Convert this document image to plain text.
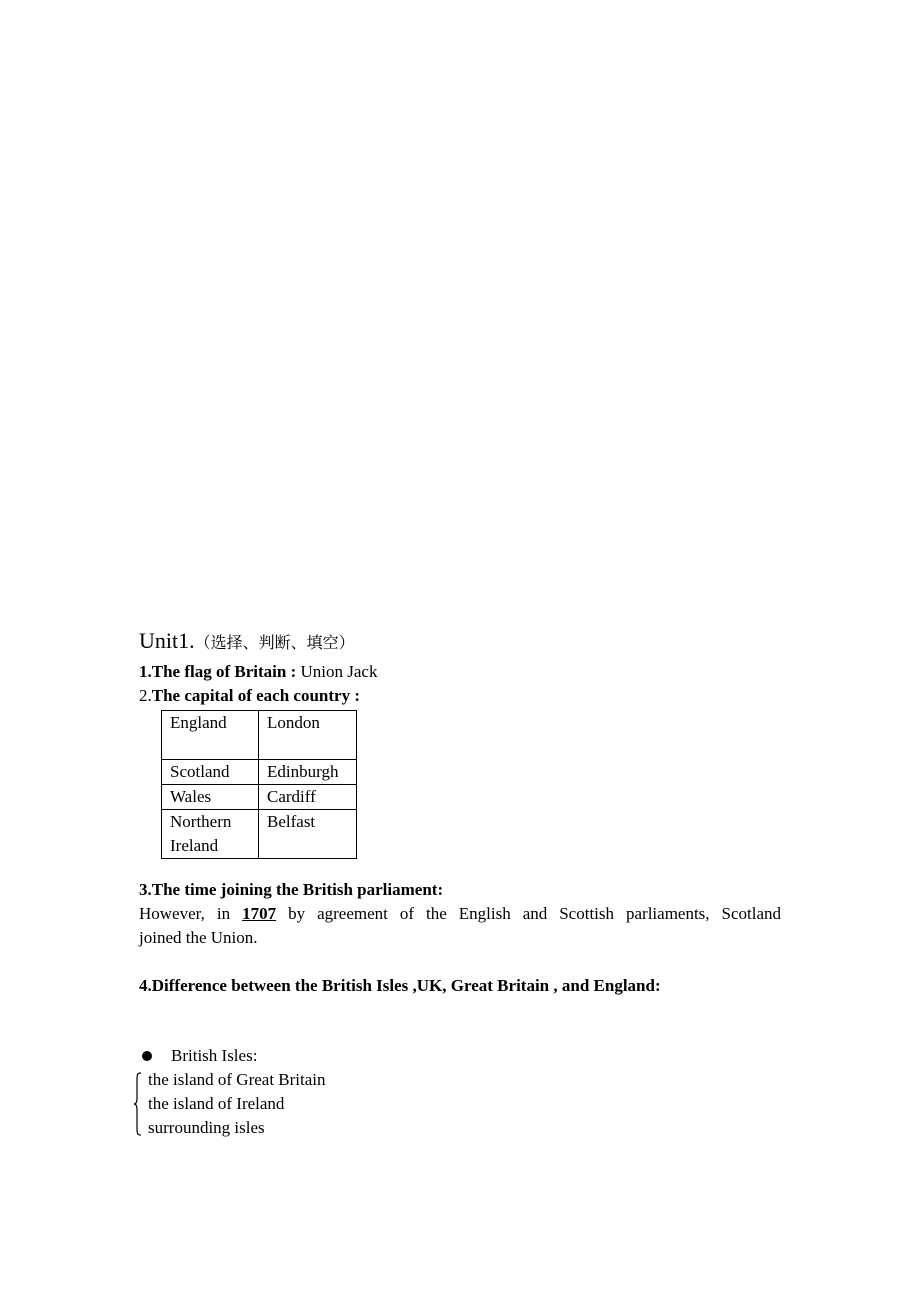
Unit1.（选择、判断、填空）

1.The flag of Britain : Union Jack

2.The capital of each country :

England	London
Scotland	Edinburgh
Wales	Cardiff
Northern Ireland	Belfast

3.The time joining the British parliament:

However, in 1707 by agreement of the English and Scottish parliaments, Scotland

joined the Union.

4.Difference between the British Isles ,UK, Great Britain , and England:

British Isles:

the island of Great Britain

the island of Ireland

surrounding isles
